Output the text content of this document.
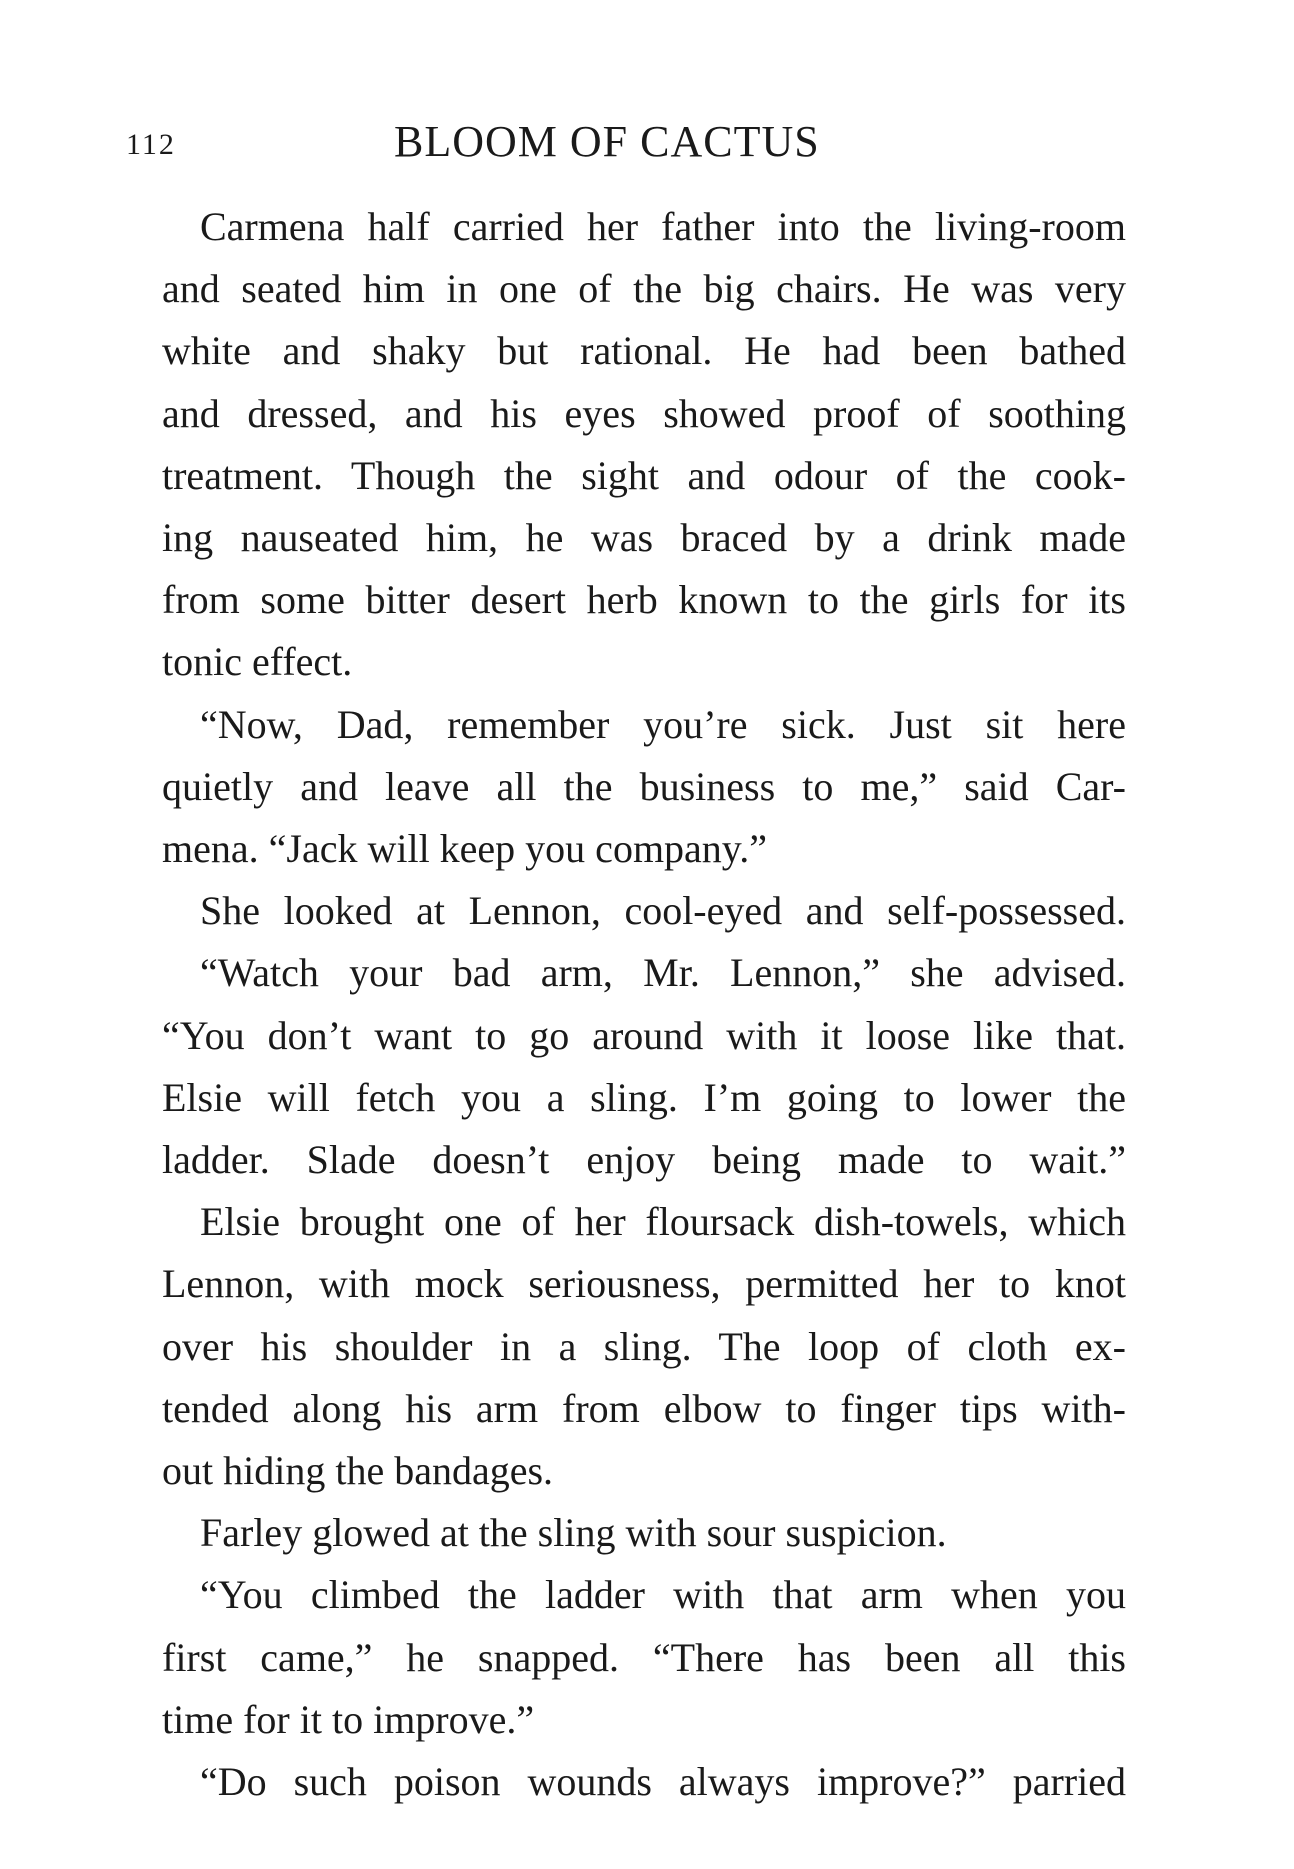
112	BLOOM OF CACTUS
Carmena half carried her father into the living-room
and seated him in one of the big chairs. He was very
white and shaky but rational. He had been bathed
and dressed, and his eyes showed proof of soothing
treatment. Though the sight and odour of the cook-
ing nauseated him, he was braced by a drink made
from some bitter desert herb known to the girls for its
tonic effect.
“Now, Dad, remember you’re sick. Just sit here
quietly and leave all the business to me,” said Car-
mena. “Jack will keep you company.”
She looked at Lennon, cool-eyed and self-possessed.
“Watch your bad arm, Mr. Lennon,” she advised.
“You don’t want to go around with it loose like that.
Elsie will fetch you a sling. I’m going to lower the
ladder. Slade doesn’t enjoy being made to wait.”
Elsie brought one of her floursack dish-towels, which
Lennon, with mock seriousness, permitted her to knot
over his shoulder in a sling. The loop of cloth ex-
tended along his arm from elbow to finger tips with-
out hiding the bandages.
Farley glowed at the sling with sour suspicion.
“You climbed the ladder with that arm when you
first came,” he snapped. “There has been all this
time for it to improve.”
“Do such poison wounds always improve?” parried
